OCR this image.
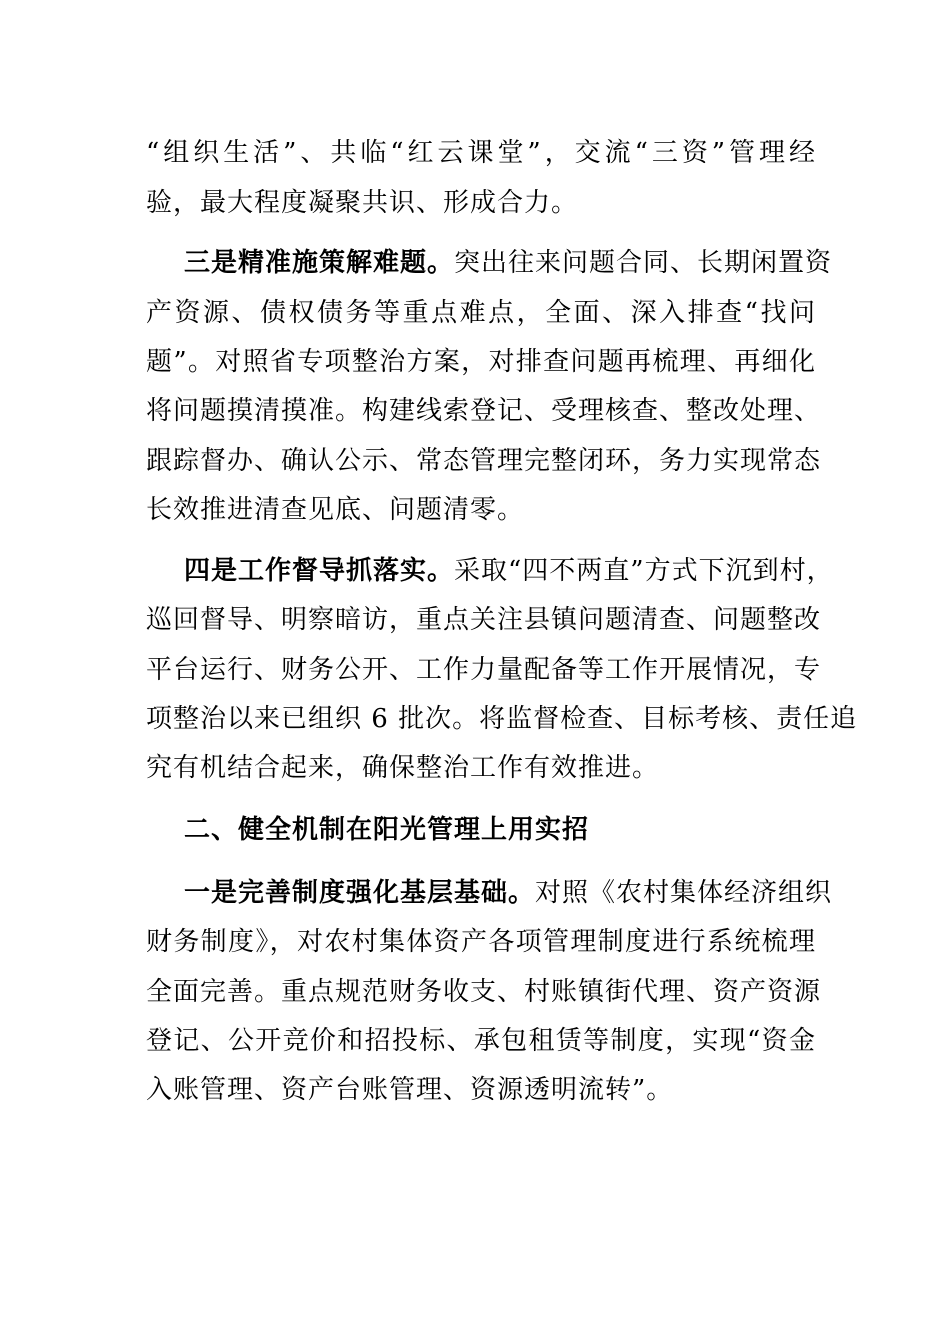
“组织生活”、共临“红云课堂”，交流“三资”管理经
验，最大程度凝聚共识、形成合力。
三是精准施策解难题。突出往来问题合同、长期闲置资
产资源、债权债务等重点难点，全面、深入排查“找问
题”。对照省专项整治方案，对排查问题再梳理、再细化
将问题摸清摸准。构建线索登记、受理核查、整改处理、
跟踪督办、确认公示、常态管理完整闭环，务力实现常态
长效推进清查见底、问题清零。
四是工作督导抓落实。采取“四不两直”方式下沉到村，
巡回督导、明察暗访，重点关注县镇问题清查、问题整改
平台运行、财务公开、工作力量配备等工作开展情况，专
项整治以来已组织 6 批次。将监督检查、目标考核、责任追
究有机结合起来，确保整治工作有效推进。
二、健全机制在阳光管理上用实招
一是完善制度强化基层基础。对照《农村集体经济组织
财务制度》，对农村集体资产各项管理制度进行系统梳理
全面完善。重点规范财务收支、村账镇街代理、资产资源
登记、公开竞价和招投标、承包租赁等制度，实现“资金
入账管理、资产台账管理、资源透明流转”。
